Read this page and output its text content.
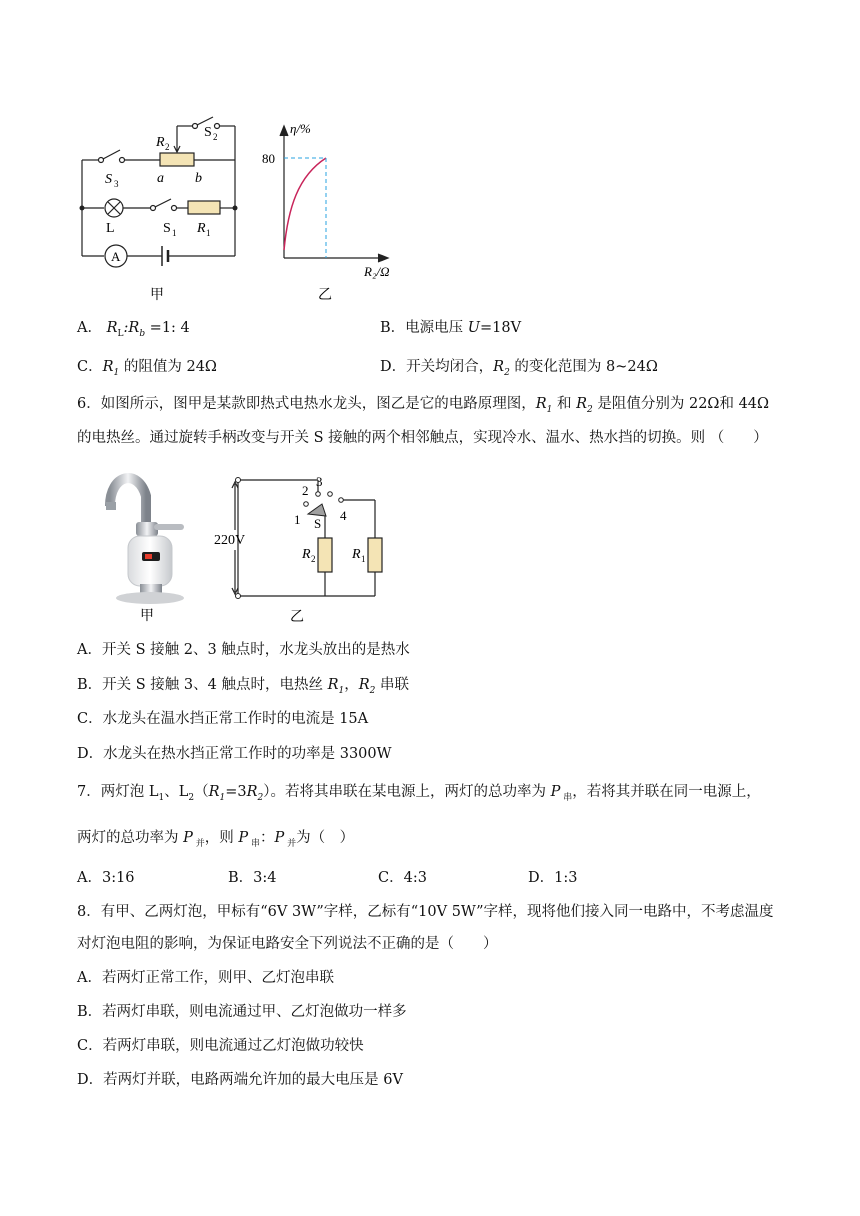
A
L
S 3
R 2
S 2
a b
S 1 R 1
甲
η/%
80
R₂/Ω
乙
A． $R_L:R_b =1$: 4	B．电源电压 U=18V
C．$R_1$ 的阻值为 24Ω	D．开关均闭合，$R_2$ 的变化范围为 8~24Ω
6．如图所示，图甲是某款即热式电热水龙头，图乙是它的电路原理图，$R_1$ 和 $R_2$ 是阻值分别为 22Ω和 44Ω
的电热丝。通过旋转手柄改变与开关 S 接触的两个相邻触点，实现冷水、温水、热水挡的切换。则 （　　）
甲
220V
1
2
3
4
S
R 2	R 1
乙
A．开关 S 接触 2、3 触点时，水龙头放出的是热水
B．开关 S 接触 3、4 触点时，电热丝 $R_1$，$R_2$ 串联
C．水龙头在温水挡正常工作时的电流是 15A
D．水龙头在热水挡正常工作时的功率是 3300W
7．两灯泡 $L_1$、$L_2(R_1=3R_2)$。若将其串联在某电源上，两灯的总功率为 P $_串$，若将其并联在同一电源上，
两灯的总功率为 P $_并$，则 P $_串$：P $_并$为（　）
A．3:16	B．3:4	C．4:3	D．1:3
8．有甲、乙两灯泡，甲标有“6V 3W”字样，乙标有“10V 5W”字样，现将他们接入同一电路中，不考虑温度
对灯泡电阻的影响，为保证电路安全下列说法不正确的是（　　）
A．若两灯正常工作，则甲、乙灯泡串联
B．若两灯串联，则电流通过甲、乙灯泡做功一样多
C．若两灯串联，则电流通过乙灯泡做功较快
D．若两灯并联，电路两端允许加的最大电压是 6V
